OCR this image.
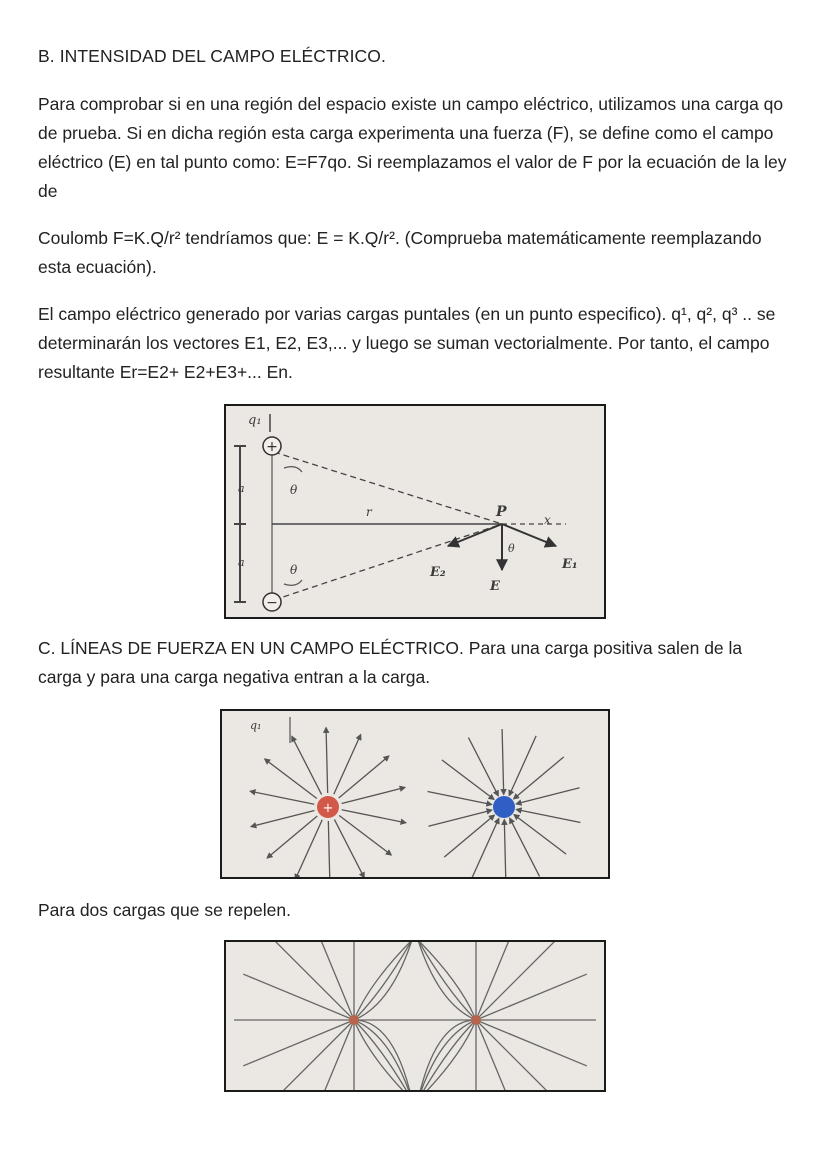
B. INTENSIDAD DEL CAMPO ELÉCTRICO.

Para comprobar si en una región del espacio existe un campo eléctrico, utilizamos una carga qo de prueba. Si en dicha región esta carga experimenta una fuerza (F), se define como el campo eléctrico (E) en tal punto como: E=F7qo. Si reemplazamos el valor de F por la ecuación de la ley de

Coulomb F=K.Q/r² tendríamos que: E = K.Q/r². (Comprueba matemáticamente reemplazando esta ecuación).

El campo eléctrico generado por varias cargas puntales (en un punto especifico). q¹, q², q³ .. se determinarán los vectores E1, E2, E3,... y luego se suman vectorialmente. Por tanto, el campo resultante Er=E2+ E2+E3+... En.

q₁
a
a
r
x
θ
θ
+
−
P
θ
E₁
E₂
E

C. LÍNEAS DE FUERZA EN UN CAMPO ELÉCTRICO. Para una carga positiva salen de la carga y para una carga negativa entran a la carga.

q₁
+

Para dos cargas que se repelen.
